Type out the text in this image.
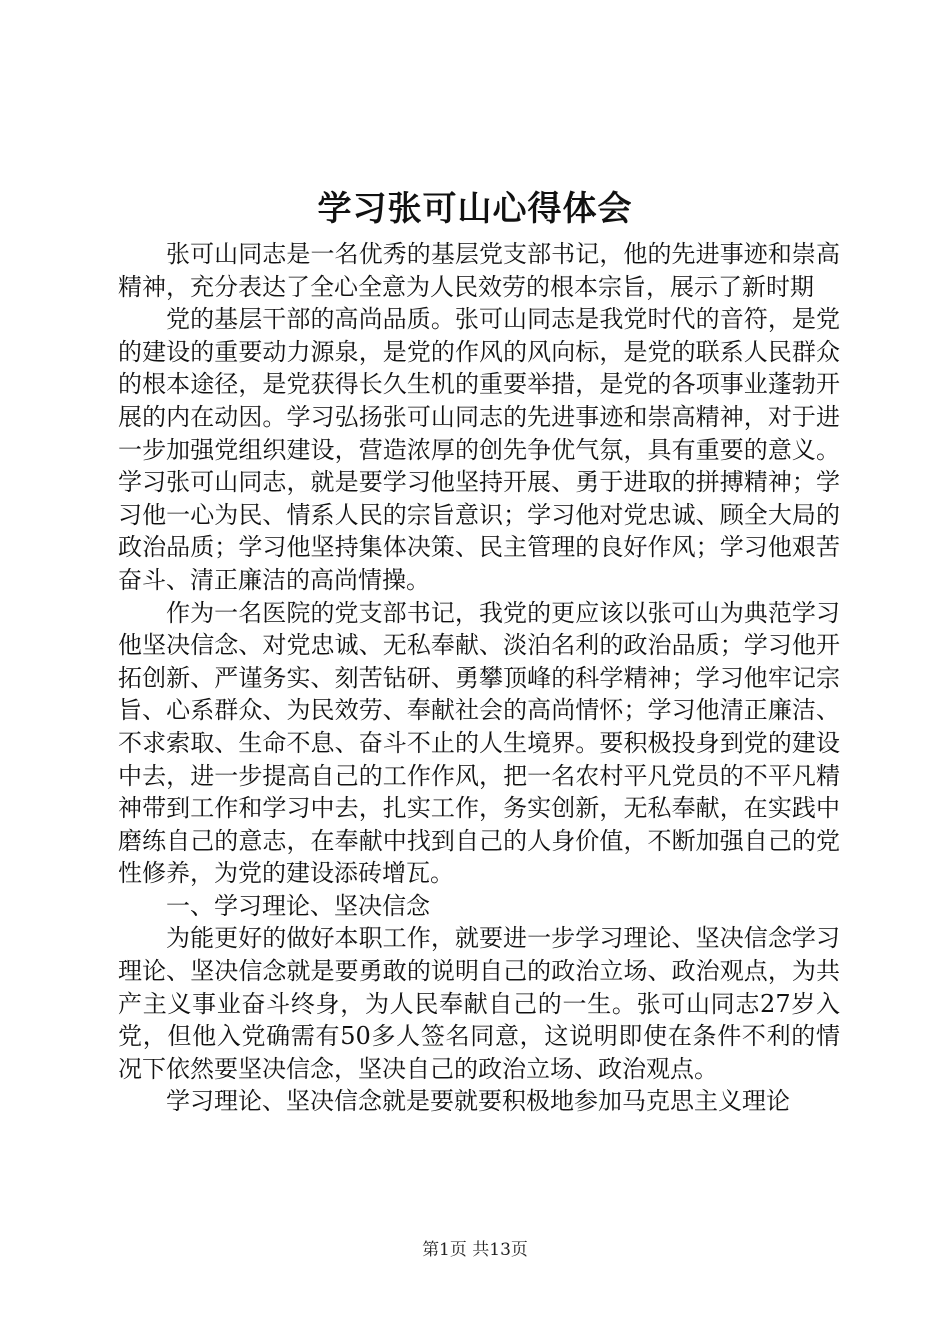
学习张可山心得体会

张可山同志是一名优秀的基层党支部书记，他的先进事迹和崇高精神，充分表达了全心全意为人民效劳的根本宗旨，展示了新时期

党的基层干部的高尚品质。张可山同志是我党时代的音符，是党的建设的重要动力源泉，是党的作风的风向标，是党的联系人民群众的根本途径，是党获得长久生机的重要举措，是党的各项事业蓬勃开展的内在动因。学习弘扬张可山同志的先进事迹和崇高精神，对于进一步加强党组织建设，营造浓厚的创先争优气氛，具有重要的意义。学习张可山同志，就是要学习他坚持开展、勇于进取的拼搏精神；学习他一心为民、情系人民的宗旨意识；学习他对党忠诚、顾全大局的政治品质；学习他坚持集体决策、民主管理的良好作风；学习他艰苦奋斗、清正廉洁的高尚情操。

作为一名医院的党支部书记，我党的更应该以张可山为典范学习他坚决信念、对党忠诚、无私奉献、淡泊名利的政治品质；学习他开拓创新、严谨务实、刻苦钻研、勇攀顶峰的科学精神；学习他牢记宗旨、心系群众、为民效劳、奉献社会的高尚情怀；学习他清正廉洁、不求索取、生命不息、奋斗不止的人生境界。要积极投身到党的建设中去，进一步提高自己的工作作风，把一名农村平凡党员的不平凡精神带到工作和学习中去，扎实工作，务实创新，无私奉献，在实践中磨练自己的意志，在奉献中找到自己的人身价值，不断加强自己的党性修养，为党的建设添砖增瓦。

一、学习理论、坚决信念

为能更好的做好本职工作，就要进一步学习理论、坚决信念学习理论、坚决信念就是要勇敢的说明自己的政治立场、政治观点，为共产主义事业奋斗终身，为人民奉献自己的一生。张可山同志27岁入党，但他入党确需有50多人签名同意，这说明即使在条件不利的情况下依然要坚决信念，坚决自己的政治立场、政治观点。

学习理论、坚决信念就是要就要积极地参加马克思主义理论

第1页 共13页
